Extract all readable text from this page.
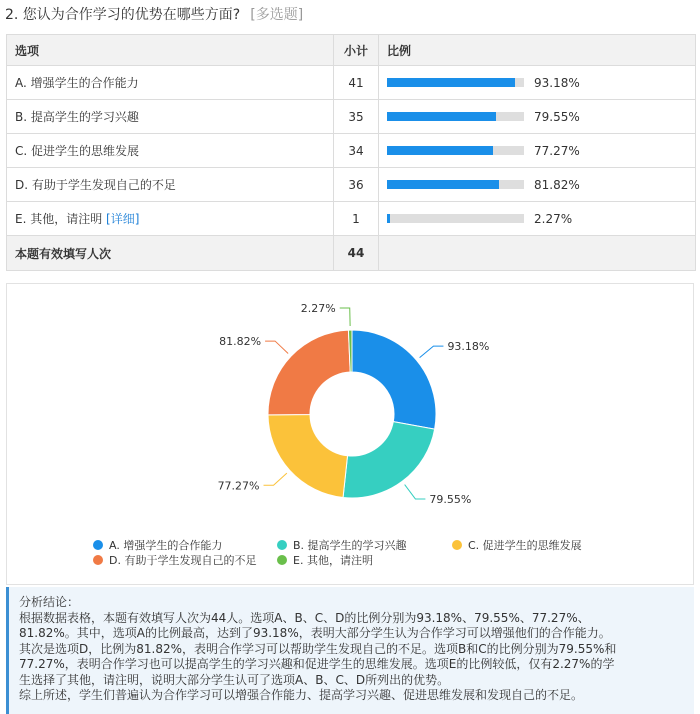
2. 您认为合作学习的优势在哪些方面? [多选题]
选项	小计	比例
A. 增强学生的合作能力	41	93.18%
B. 提高学生的学习兴趣	35	79.55%
C. 促进学生的思维发展	34	77.27%
D. 有助于学生发现自己的不足	36	81.82%
E. 其他，请注明 [详细]	1	2.27%
本题有效填写人次	44	
93.18%
79.55%
77.27%
81.82%
2.27%
A. 增强学生的合作能力	B. 提高学生的学习兴趣	C. 促进学生的思维发展
D. 有助于学生发现自己的不足	E. 其他，请注明
分析结论：
根据数据表格，本题有效填写人次为44人。选项A、B、C、D的比例分别为93.18%、79.55%、77.27%、
81.82%。其中，选项A的比例最高，达到了93.18%，表明大部分学生认为合作学习可以增强他们的合作能力。
其次是选项D，比例为81.82%，表明合作学习可以帮助学生发现自己的不足。选项B和C的比例分别为79.55%和
77.27%，表明合作学习也可以提高学生的学习兴趣和促进学生的思维发展。选项E的比例较低，仅有2.27%的学
生选择了其他，请注明，说明大部分学生认可了选项A、B、C、D所列出的优势。
综上所述，学生们普遍认为合作学习可以增强合作能力、提高学习兴趣、促进思维发展和发现自己的不足。
